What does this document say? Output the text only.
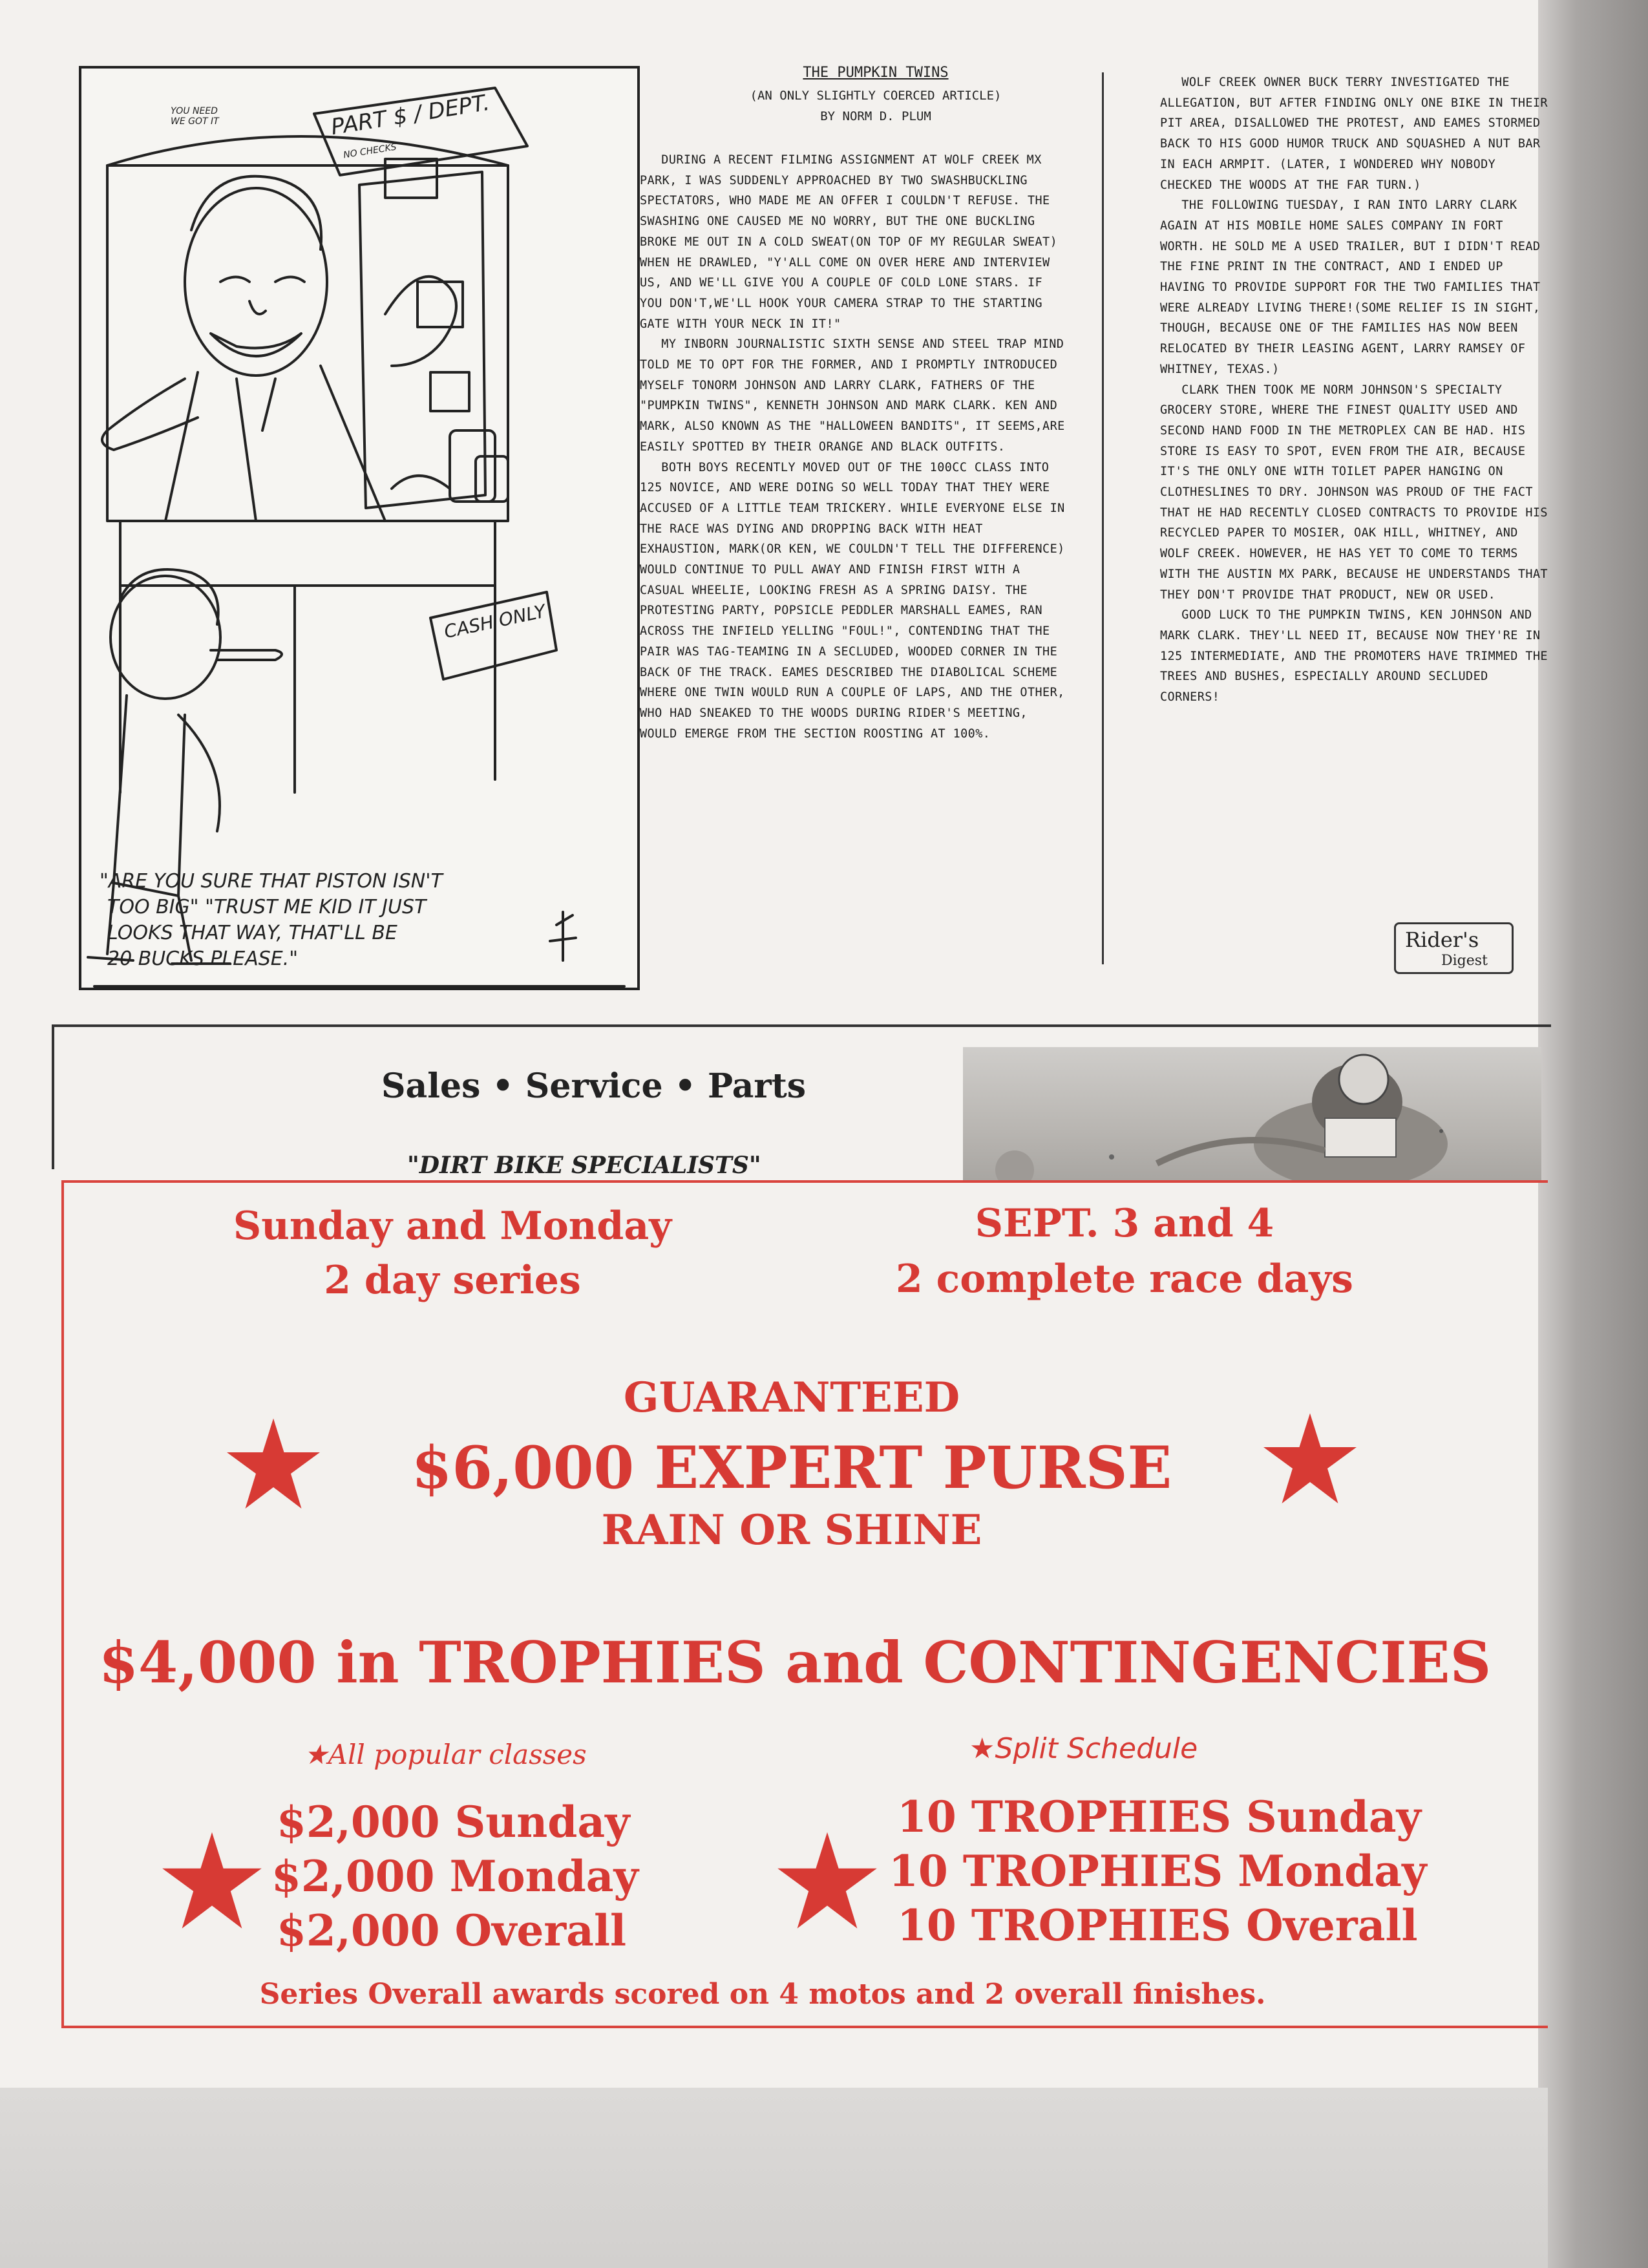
PART $ / DEPT.
NO CHECKS
YOU NEED WE GOT IT
CASH ONLY
"ARE YOU SURE THAT PISTON ISN'T
TOO BIG" "TRUST ME KID IT JUST
LOOKS THAT WAY, THAT'LL BE
20 BUCKS PLEASE."
THE PUMPKIN TWINS
(AN ONLY SLIGHTLY COERCED ARTICLE)
BY NORM D. PLUM

DURING A RECENT FILMING ASSIGNMENT AT WOLF CREEK MX PARK, I WAS SUDDENLY APPROACHED BY TWO SWASHBUCKLING SPECTATORS, WHO MADE ME AN OFFER I COULDN'T REFUSE. THE SWASHING ONE CAUSED ME NO WORRY, BUT THE ONE BUCKLING BROKE ME OUT IN A COLD SWEAT(ON TOP OF MY REGULAR SWEAT) WHEN HE DRAWLED, "Y'ALL COME ON OVER HERE AND INTERVIEW US, AND WE'LL GIVE YOU A COUPLE OF COLD LONE STARS. IF YOU DON'T,WE'LL HOOK YOUR CAMERA STRAP TO THE STARTING GATE WITH YOUR NECK IN IT!"

MY INBORN JOURNALISTIC SIXTH SENSE AND STEEL TRAP MIND TOLD ME TO OPT FOR THE FORMER, AND I PROMPTLY INTRODUCED MYSELF TONORM JOHNSON AND LARRY CLARK, FATHERS OF THE "PUMPKIN TWINS", KENNETH JOHNSON AND MARK CLARK. KEN AND MARK, ALSO KNOWN AS THE "HALLOWEEN BANDITS", IT SEEMS,ARE EASILY SPOTTED BY THEIR ORANGE AND BLACK OUTFITS.

BOTH BOYS RECENTLY MOVED OUT OF THE 100CC CLASS INTO 125 NOVICE, AND WERE DOING SO WELL TODAY THAT THEY WERE ACCUSED OF A LITTLE TEAM TRICKERY. WHILE EVERYONE ELSE IN THE RACE WAS DYING AND DROPPING BACK WITH HEAT EXHAUSTION, MARK(OR KEN, WE COULDN'T TELL THE DIFFERENCE) WOULD CONTINUE TO PULL AWAY AND FINISH FIRST WITH A CASUAL WHEELIE, LOOKING FRESH AS A SPRING DAISY. THE PROTESTING PARTY, POPSICLE PEDDLER MARSHALL EAMES, RAN ACROSS THE INFIELD YELLING "FOUL!", CONTENDING THAT THE PAIR WAS TAG-TEAMING IN A SECLUDED, WOODED CORNER IN THE BACK OF THE TRACK. EAMES DESCRIBED THE DIABOLICAL SCHEME WHERE ONE TWIN WOULD RUN A COUPLE OF LAPS, AND THE OTHER, WHO HAD SNEAKED TO THE WOODS DURING RIDER'S MEETING, WOULD EMERGE FROM THE SECTION ROOSTING AT 100%.

WOLF CREEK OWNER BUCK TERRY INVESTIGATED THE ALLEGATION, BUT AFTER FINDING ONLY ONE BIKE IN THEIR PIT AREA, DISALLOWED THE PROTEST, AND EAMES STORMED BACK TO HIS GOOD HUMOR TRUCK AND SQUASHED A NUT BAR IN EACH ARMPIT. (LATER, I WONDERED WHY NOBODY CHECKED THE WOODS AT THE FAR TURN.)

THE FOLLOWING TUESDAY, I RAN INTO LARRY CLARK AGAIN AT HIS MOBILE HOME SALES COMPANY IN FORT WORTH. HE SOLD ME A USED TRAILER, BUT I DIDN'T READ THE FINE PRINT IN THE CONTRACT, AND I ENDED UP HAVING TO PROVIDE SUPPORT FOR THE TWO FAMILIES THAT WERE ALREADY LIVING THERE!(SOME RELIEF IS IN SIGHT, THOUGH, BECAUSE ONE OF THE FAMILIES HAS NOW BEEN RELOCATED BY THEIR LEASING AGENT, LARRY RAMSEY OF WHITNEY, TEXAS.)

CLARK THEN TOOK ME NORM JOHNSON'S SPECIALTY GROCERY STORE, WHERE THE FINEST QUALITY USED AND SECOND HAND FOOD IN THE METROPLEX CAN BE HAD. HIS STORE IS EASY TO SPOT, EVEN FROM THE AIR, BECAUSE IT'S THE ONLY ONE WITH TOILET PAPER HANGING ON CLOTHESLINES TO DRY. JOHNSON WAS PROUD OF THE FACT THAT HE HAD RECENTLY CLOSED CONTRACTS TO PROVIDE HIS RECYCLED PAPER TO MOSIER, OAK HILL, WHITNEY, AND WOLF CREEK. HOWEVER, HE HAS YET TO COME TO TERMS WITH THE AUSTIN MX PARK, BECAUSE HE UNDERSTANDS THAT THEY DON'T PROVIDE THAT PRODUCT, NEW OR USED.

GOOD LUCK TO THE PUMPKIN TWINS, KEN JOHNSON AND MARK CLARK. THEY'LL NEED IT, BECAUSE NOW THEY'RE IN 125 INTERMEDIATE, AND THE PROMOTERS HAVE TRIMMED THE TREES AND BUSHES, ESPECIALLY AROUND SECLUDED CORNERS!

Rider's
Digest
Sales • Service • Parts
"DIRT BIKE SPECIALISTS"
Sunday and Monday
2 day series
SEPT. 3 and 4
2 complete race days
GUARANTEED
$6,000 EXPERT PURSE
RAIN OR SHINE
$4,000 in TROPHIES and CONTINGENCIES
★All popular classes	★Split Schedule
$2,000 Sunday
$2,000 Monday
$2,000 Overall
10 TROPHIES Sunday
10 TROPHIES Monday
10 TROPHIES Overall
Series Overall awards scored on 4 motos and 2 overall finishes.
